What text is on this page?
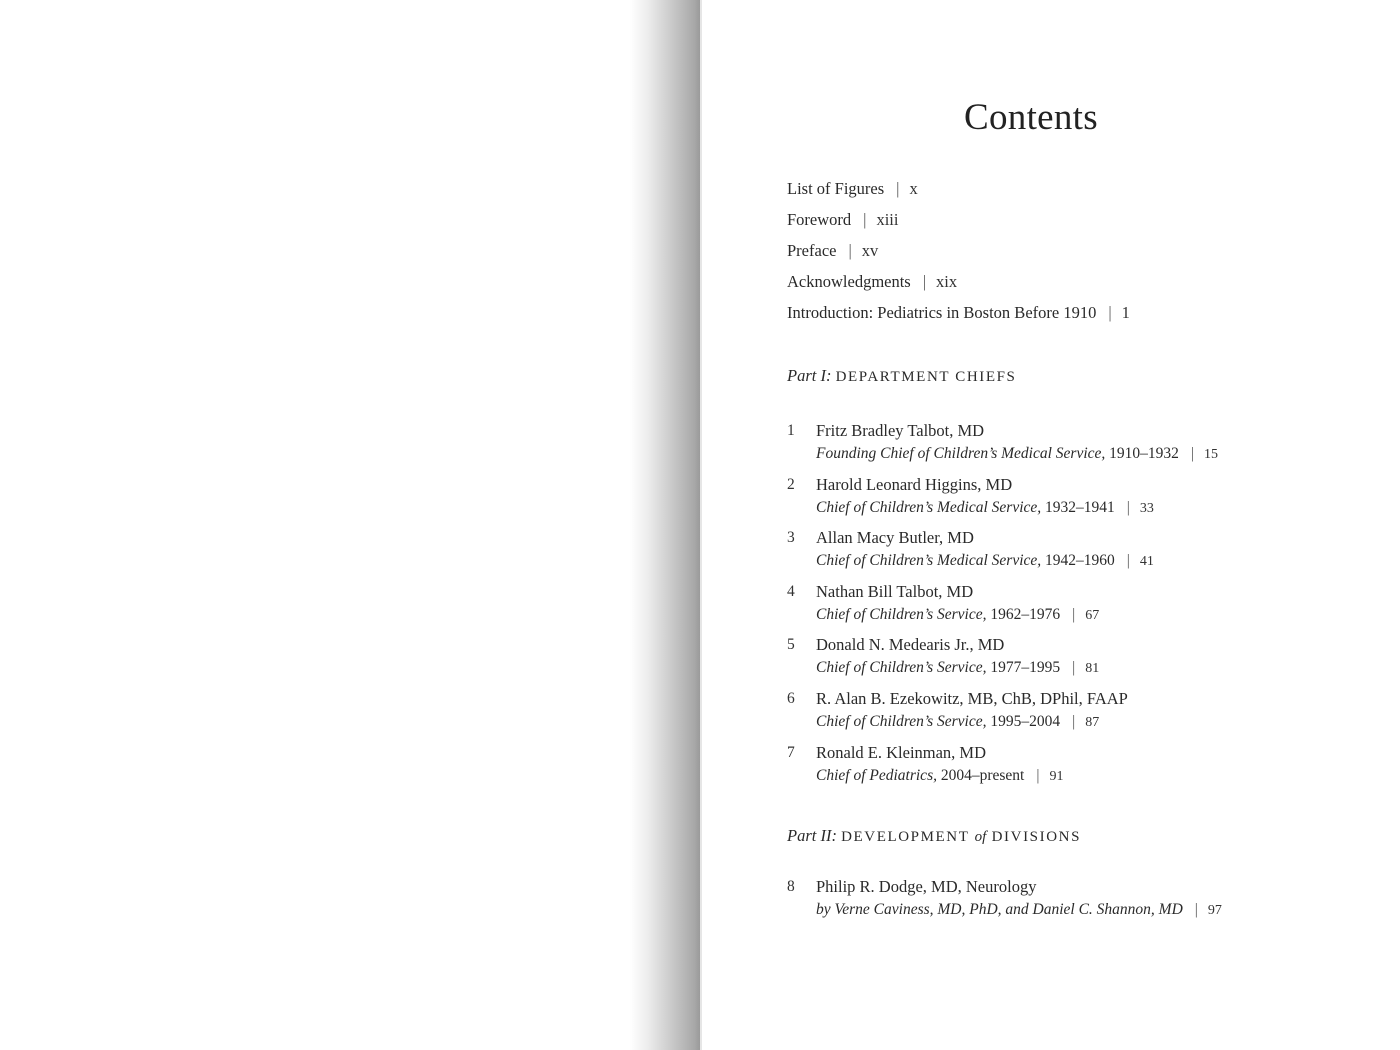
Contents
List of Figures | x
Foreword | xiii
Preface | xv
Acknowledgments | xix
Introduction: Pediatrics in Boston Before 1910 | 1
Part I: DEPARTMENT CHIEFS
1 Fritz Bradley Talbot, MD
Founding Chief of Children’s Medical Service, 1910–1932 | 15
2 Harold Leonard Higgins, MD
Chief of Children’s Medical Service, 1932–1941 | 33
3 Allan Macy Butler, MD
Chief of Children’s Medical Service, 1942–1960 | 41
4 Nathan Bill Talbot, MD
Chief of Children’s Service, 1962–1976 | 67
5 Donald N. Medearis Jr., MD
Chief of Children’s Service, 1977–1995 | 81
6 R. Alan B. Ezekowitz, MB, ChB, DPhil, FAAP
Chief of Children’s Service, 1995–2004 | 87
7 Ronald E. Kleinman, MD
Chief of Pediatrics, 2004–present | 91
Part II: DEVELOPMENT of DIVISIONS
8 Philip R. Dodge, MD, Neurology
by Verne Caviness, MD, PhD, and Daniel C. Shannon, MD | 97
